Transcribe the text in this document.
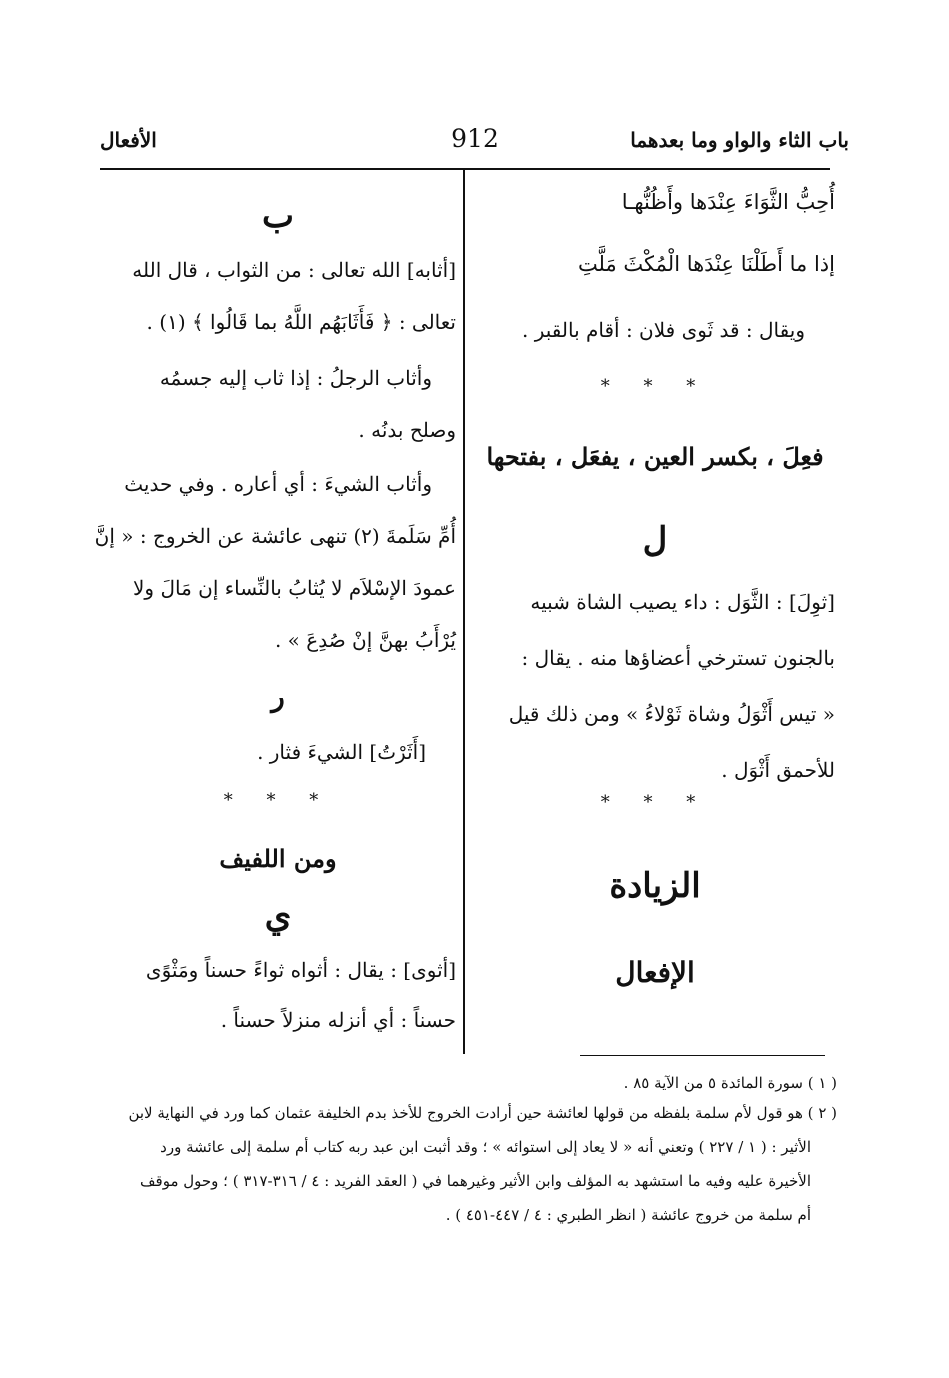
باب الثاء والواو وما بعدهما
912
الأفعال
أُحِبُّ الثَّوَاءَ عِنْدَها وأَظُنُّهـا
إذا ما أَطَلْنَا عِنْدَها الْمُكْثَ مَلَّتِ
ويقال : قد ثَوى فلان : أقام بالقبر .
* * *
فعِلَ ، بكسر العين ، يفعَل ، بفتحها
ل
[ثوِلَ] : الثَّوَل : داء يصيب الشاة شبيه
بالجنون تسترخي أعضاؤها منه . يقال :
« تيس أَثْوَلُ وشاة ثَوْلاءُ » ومن ذلك قيل
للأحمق أَثْوَل .
* * *
الزيادة
الإفعال
ب
[أثابه] الله تعالى : من الثواب ، قال الله
تعالى : ﴿ فَأَثَابَهُم اللَّهُ بما قَالُوا ﴾ (١) .
وأثاب الرجلُ : إذا ثاب إليه جسمُه
وصلح بدنُه .
وأثاب الشيءَ : أي أعاره . وفي حديث
أُمِّ سَلَمةَ (٢) تنهى عائشة عن الخروج : « إنَّ
عمودَ الإسْلاَم لا يُثابُ بالنِّساء إن مَالَ ولا
يُرْأَبُ بهنَّ إنْ صُدِعَ » .
ر
[أَثَرْتُ] الشيءَ فثار .
* * *
ومن اللفيف
ي
[أثوى] : يقال : أثواه ثواءً حسناً ومَثْوًى
حسناً : أي أنزله منزلاً حسناً .
( ١ ) سورة المائدة ٥ من الآية ٨٥ .
( ٢ ) هو قول لأم سلمة بلفظه من قولها لعائشة حين أرادت الخروج للأخذ بدم الخليفة عثمان كما ورد في النهاية لابن
الأثير : ( ١ / ٢٢٧ ) وتعني أنه « لا يعاد إلى استوائه » ؛ وقد أثبت ابن عبد ربه كتاب أم سلمة إلى عائشة ورد
الأخيرة عليه وفيه ما استشهد به المؤلف وابن الأثير وغيرهما في ( العقد الفريد : ٤ / ٣١٦-٣١٧ ) ؛ وحول موقف
أم سلمة من خروج عائشة ( انظر الطبري : ٤ / ٤٤٧-٤٥١ ) .
